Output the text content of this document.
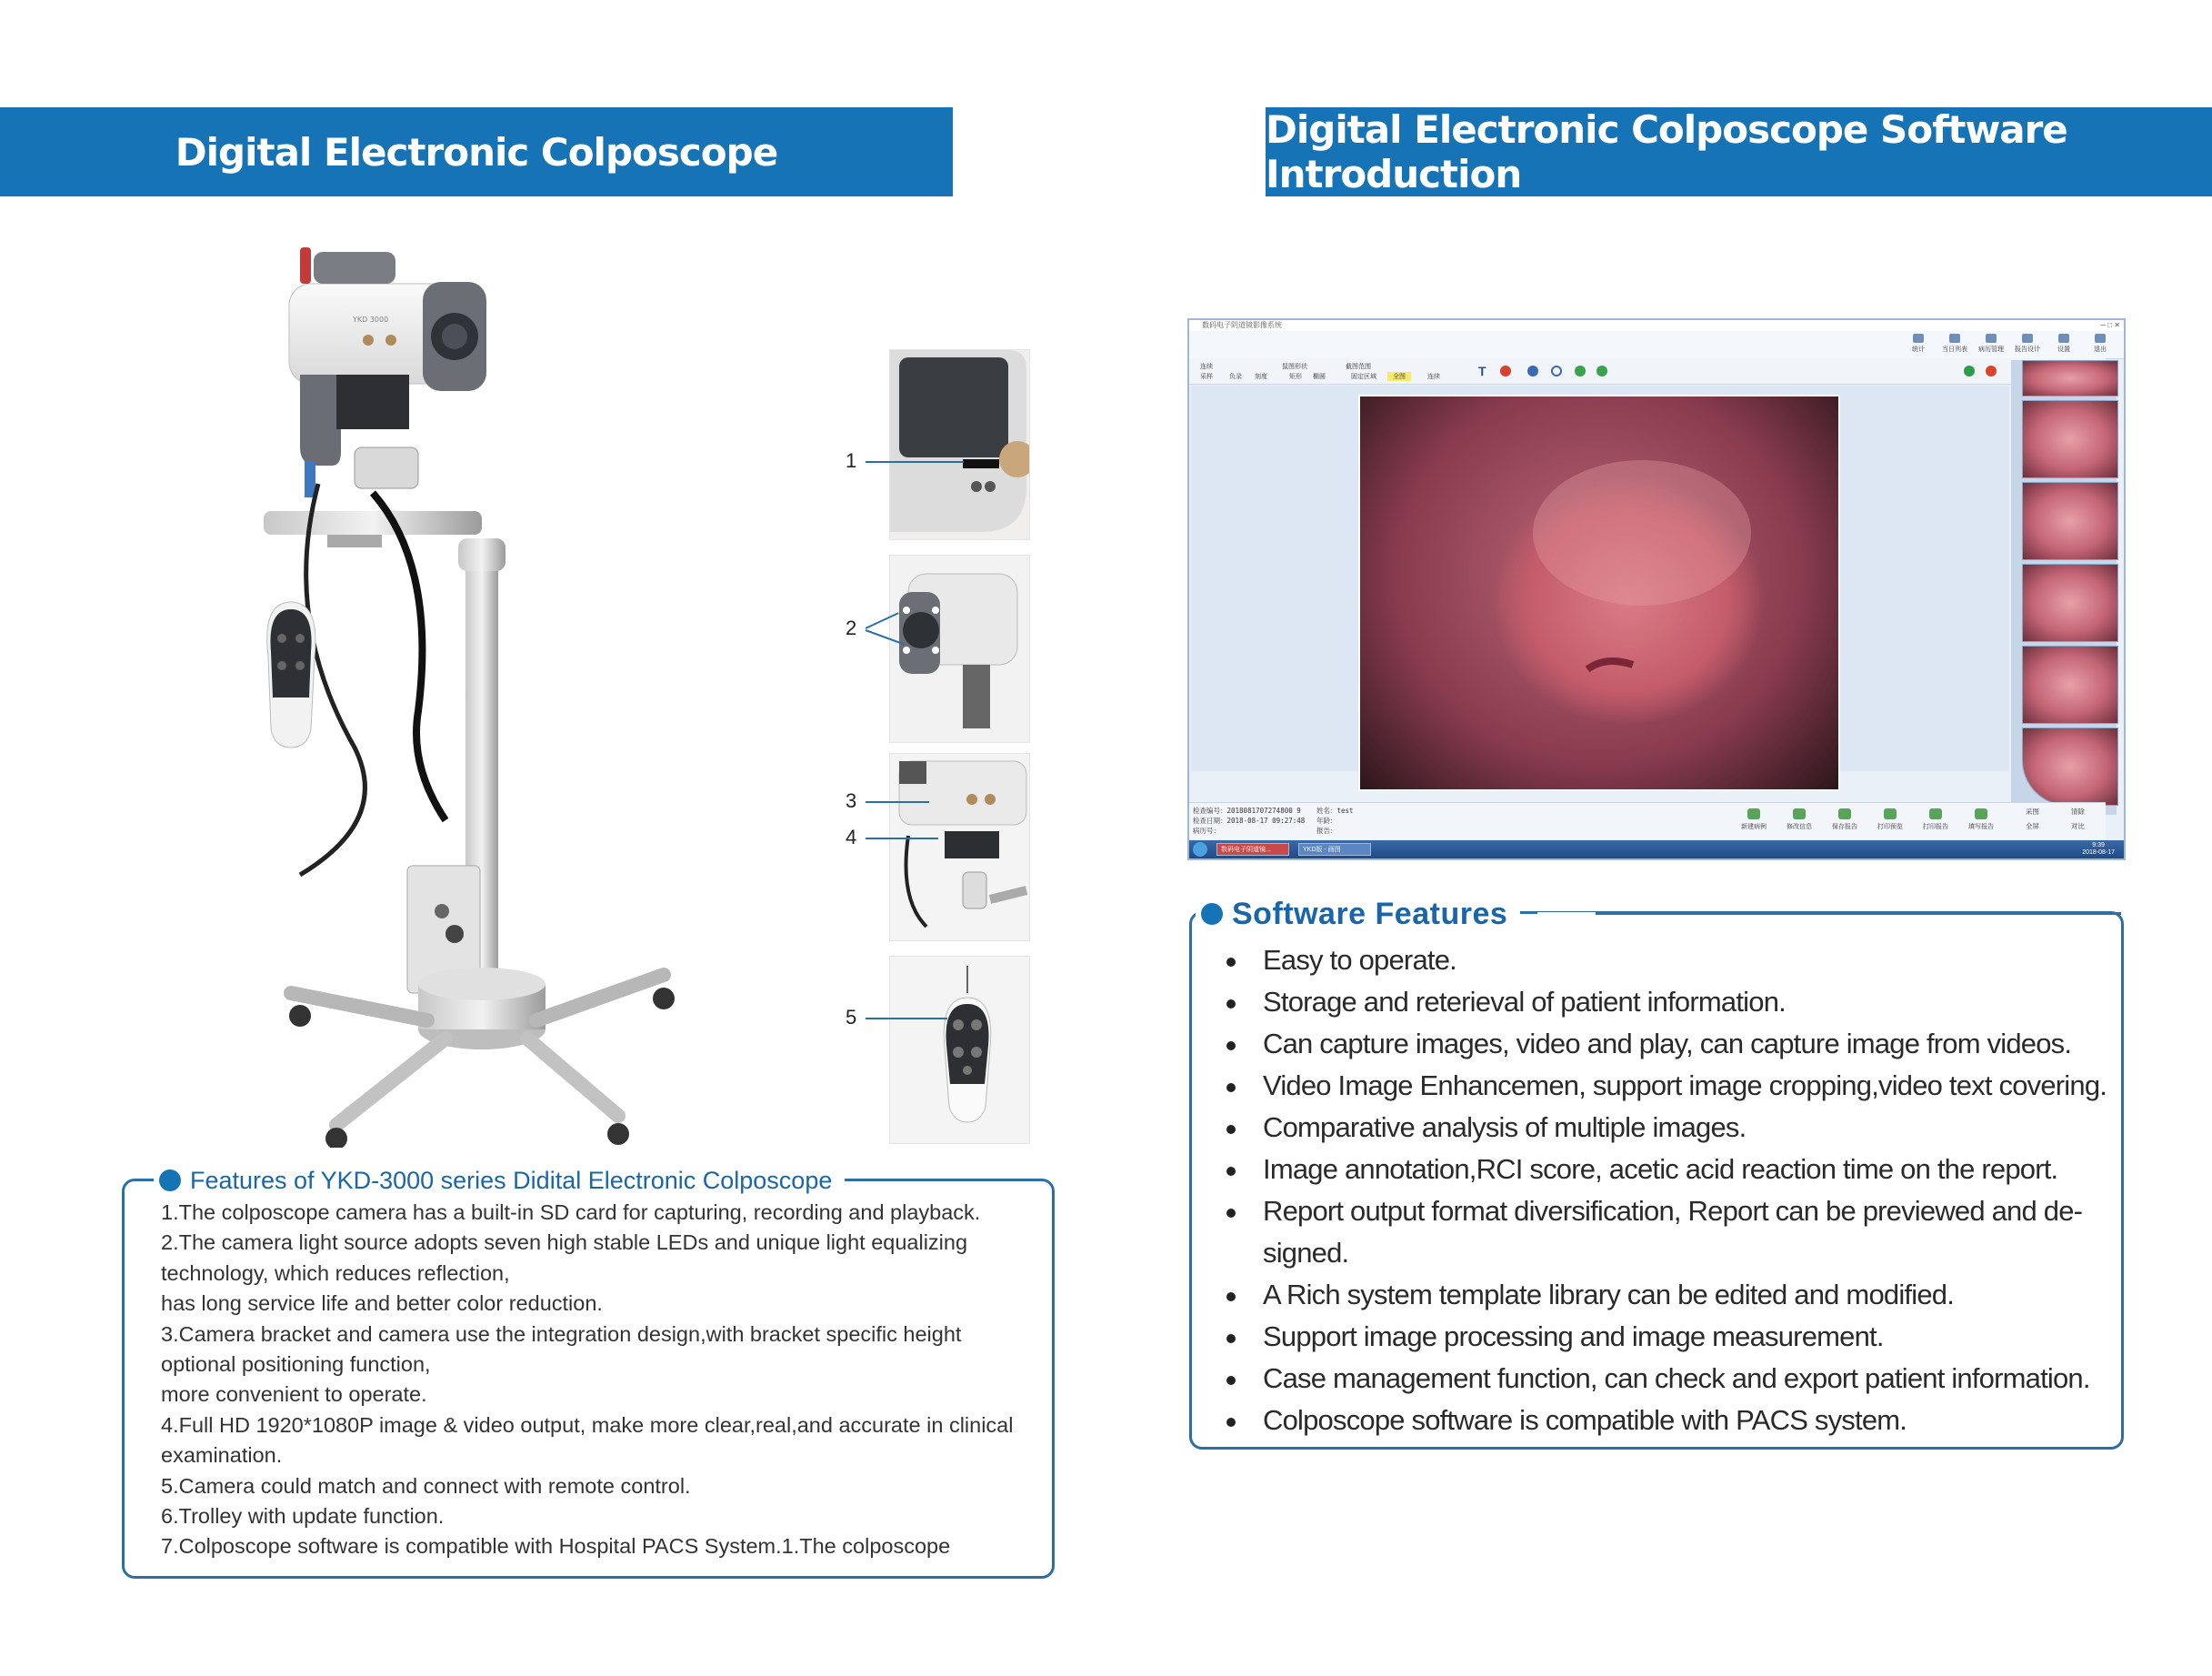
Digital Electronic Colposcope	Digital Electronic Colposcope Software Introduction
YKD 3000
1
2
3
4
5
Features of YKD-3000 series Didital Electronic Colposcope
1.The colposcope camera has a built-in SD card for capturing, recording and playback.
2.The camera light source adopts seven high stable LEDs and unique light equalizing technology, which reduces reflection,
has long service life and better color reduction.
3.Camera bracket and camera use the integration design,with bracket specific height optional positioning function,
more convenient to operate.
4.Full HD 1920*1080P image & video output, make more clear,real,and accurate in clinical examination.
5.Camera could match and connect with remote control.
6.Trolley with update function.
7.Colposcope software is compatible with Hospital PACS System.1.The colposcope
数码电子阴道镜影像系统	─ □ ✕
统计	当日列表	病历管理	报告设计	设置	退出
连续
采样	负录 刻度
鼠图形状
矩形 椭圆
截图范围
固定区域	全图	连续	T
检查编号：2018081707274800 9
检查日期：2018-08-17 09:27:48
病历号：
姓名：test
年龄：
报告：	新建病例	修改信息	保存报告	打印预览	打印报告	填写报告
采图	清除
全屏	对比
数码电子阴道镜...	YKD版 - 画图
9:39
2018-08-17
Software Features
Easy to operate.
Storage and reterieval of patient information.
Can capture images, video and play, can capture image from videos.
Video Image Enhancemen, support image cropping,video text covering.
Comparative analysis of multiple images.
Image annotation,RCI score, acetic acid reaction time on the report.
Report output format diversification, Report can be previewed and de-
signed.
A Rich system template library can be edited and modified.
Support image processing and image measurement.
Case management function, can check and export patient information.
Colposcope software is compatible with PACS system.
